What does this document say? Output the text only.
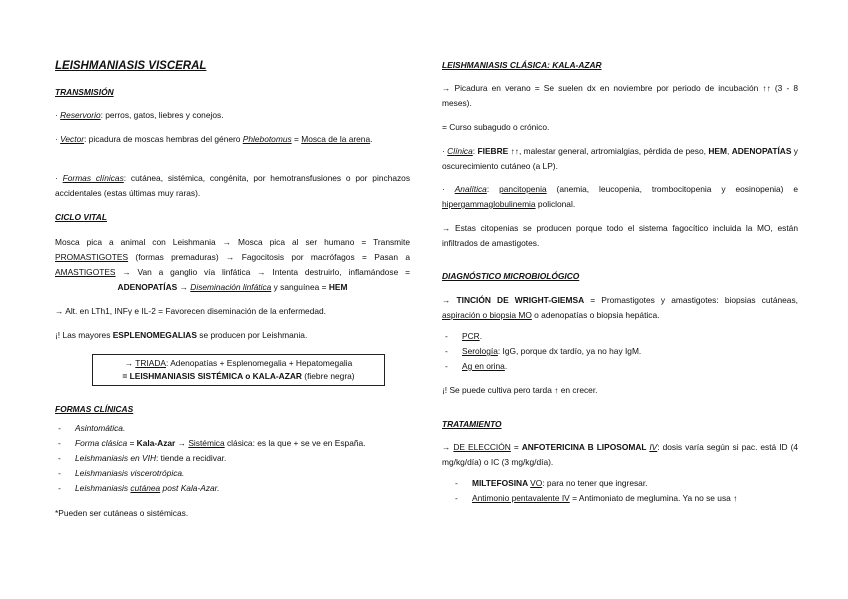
LEISHMANIASIS VISCERAL
TRANSMISIÓN
· Reservorio: perros, gatos, liebres y conejos.
· Vector: picadura de moscas hembras del género Phlebotomus = Mosca de la arena.
· Formas clínicas: cutánea, sistémica, congénita, por hemotransfusiones o por pinchazos accidentales (estas últimas muy raras).
CICLO VITAL
Mosca pica a animal con Leishmania → Mosca pica al ser humano = Transmite PROMASTIGOTES (formas premaduras) → Fagocitosis por macrófagos = Pasan a AMASTIGOTES → Van a ganglio vía linfática → Intenta destruirlo, inflamándose = ADENOPATÍAS → Diseminación linfática y sanguínea = HEM
→ Alt. en LTh1, INFγ e IL-2 = Favorecen diseminación de la enfermedad.
¡! Las mayores ESPLENOMEGALIAS se producen por Leishmania.
→ TRIADA: Adenopatías + Esplenomegalia + Hepatomegalia
= LEISHMANIASIS SISTÉMICA o KALA-AZAR (fiebre negra)
FORMAS CLÍNICAS
- Asintomática.
- Forma clásica = Kala-Azar → Sistémica clásica: es la que + se ve en España.
- Leishmaniasis en VIH: tiende a recidivar.
- Leishmaniasis viscerotrópica.
- Leishmaniasis cutánea post Kala-Azar.
*Pueden ser cutáneas o sistémicas.
LEISHMANIASIS CLÁSICA: KALA-AZAR
→ Picadura en verano = Se suelen dx en noviembre por periodo de incubación ↑↑ (3 - 8 meses).
= Curso subagudo o crónico.
· Clínica: FIEBRE ↑↑, malestar general, artromialgias, pérdida de peso, HEM, ADENOPATÍAS y oscurecimiento cutáneo (a LP).
· Analítica: pancitopenia (anemia, leucopenia, trombocitopenia y eosinopenia) e hipergammaglobulinemia policlonal.
→ Estas citopenias se producen porque todo el sistema fagocítico incluida la MO, están infiltrados de amastigotes.
DIAGNÓSTICO MICROBIOLÓGICO
→ TINCIÓN DE WRIGHT-GIEMSA = Promastigotes y amastigotes: biopsias cutáneas, aspiración o biopsia MO o adenopatías o biopsia hepática.
- PCR.
- Serología: IgG, porque dx tardío, ya no hay IgM.
- Ag en orina.
¡! Se puede cultiva pero tarda ↑ en crecer.
TRATAMIENTO
→ DE ELECCIÓN = ANFOTERICINA B LIPOSOMAL IV: dosis varía según si pac. está ID (4 mg/kg/día) o IC (3 mg/kg/día).
- MILTEFOSINA VO: para no tener que ingresar.
- Antimonio pentavalente IV = Antimoniato de meglumina. Ya no se usa ↑
